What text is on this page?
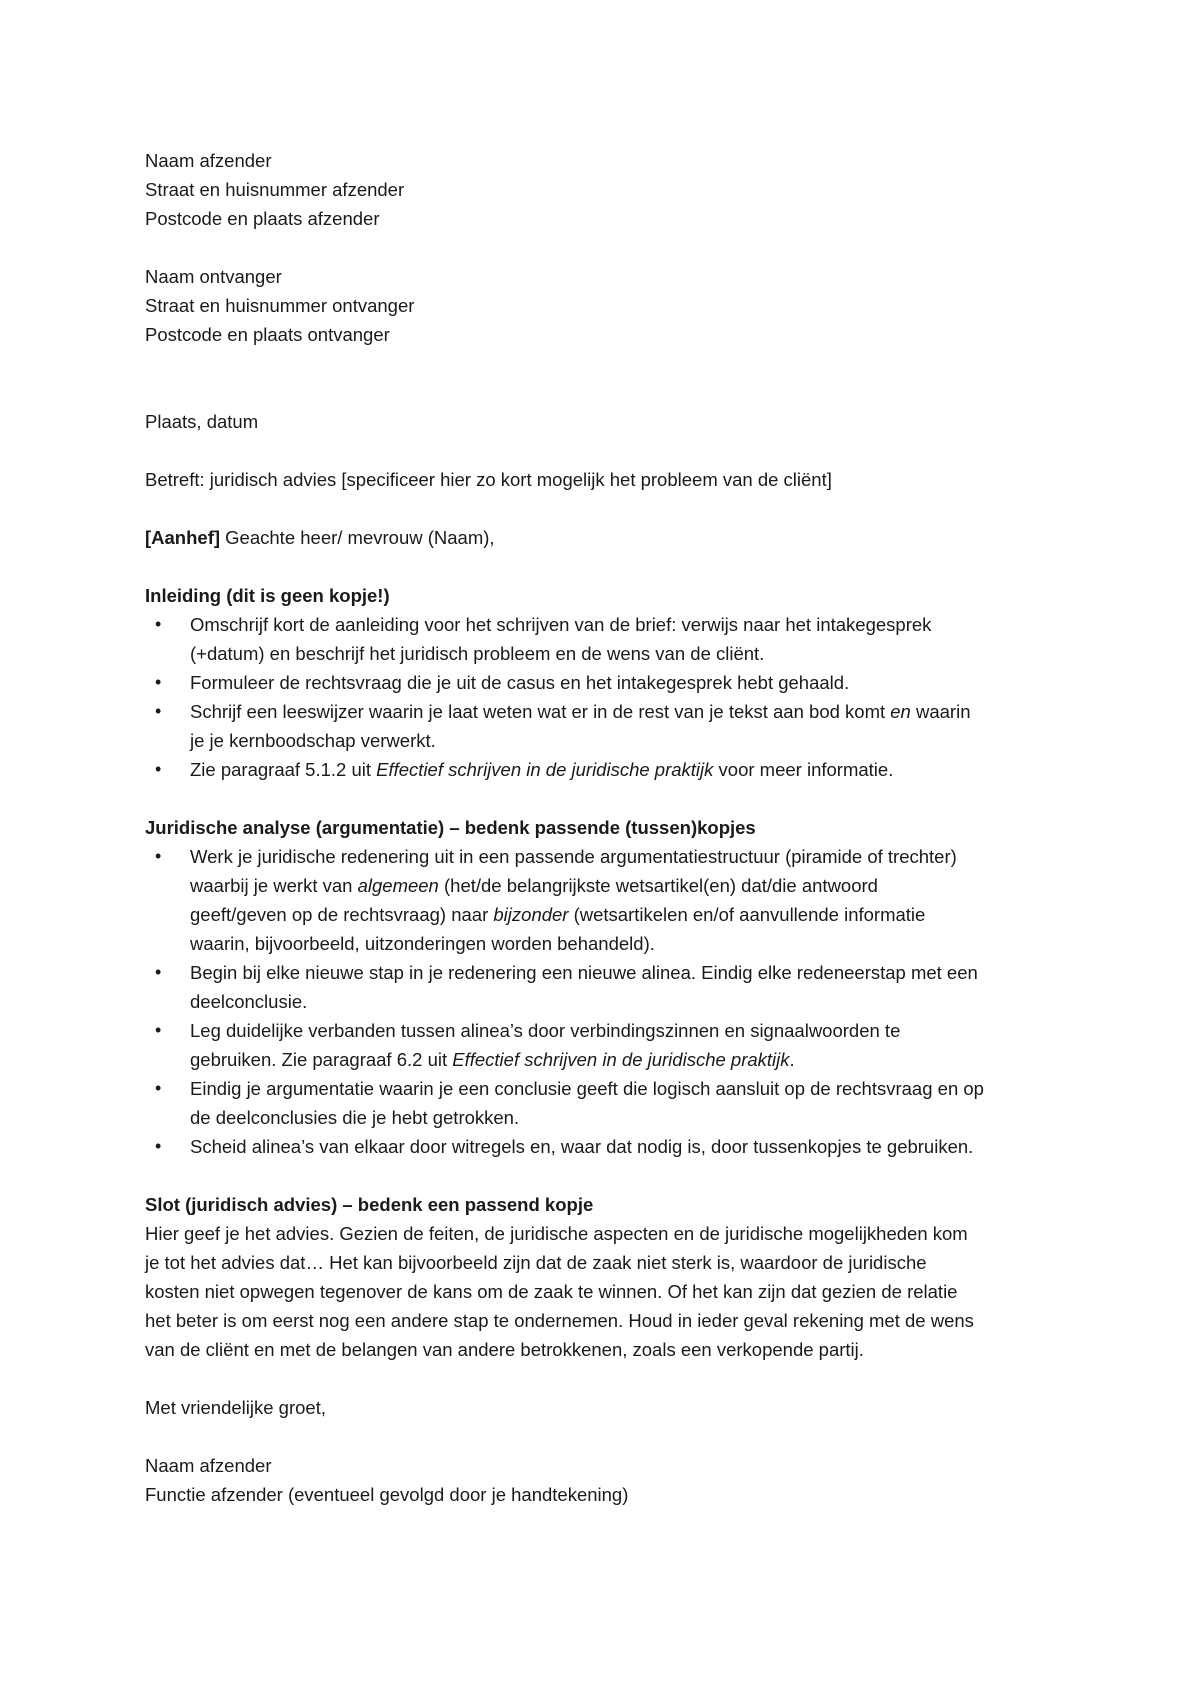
Naam afzender

Straat en huisnummer afzender

Postcode en plaats afzender

Naam ontvanger

Straat en huisnummer ontvanger

Postcode en plaats ontvanger

Plaats, datum

Betreft: juridisch advies [specificeer hier zo kort mogelijk het probleem van de cliënt]

[Aanhef] Geachte heer/ mevrouw (Naam),

Inleiding (dit is geen kopje!)

• Omschrijf kort de aanleiding voor het schrijven van de brief: verwijs naar het intakegesprek

(+datum) en beschrijf het juridisch probleem en de wens van de cliënt.

• Formuleer de rechtsvraag die je uit de casus en het intakegesprek hebt gehaald.

• Schrijf een leeswijzer waarin je laat weten wat er in de rest van je tekst aan bod komt en waarin

je je kernboodschap verwerkt.

• Zie paragraaf 5.1.2 uit Effectief schrijven in de juridische praktijk voor meer informatie.

Juridische analyse (argumentatie) – bedenk passende (tussen)kopjes

• Werk je juridische redenering uit in een passende argumentatiestructuur (piramide of trechter)

waarbij je werkt van algemeen (het/de belangrijkste wetsartikel(en) dat/die antwoord

geeft/geven op de rechtsvraag) naar bijzonder (wetsartikelen en/of aanvullende informatie

waarin, bijvoorbeeld, uitzonderingen worden behandeld).

• Begin bij elke nieuwe stap in je redenering een nieuwe alinea. Eindig elke redeneerstap met een

deelconclusie.

• Leg duidelijke verbanden tussen alinea’s door verbindingszinnen en signaalwoorden te

gebruiken. Zie paragraaf 6.2 uit Effectief schrijven in de juridische praktijk.

• Eindig je argumentatie waarin je een conclusie geeft die logisch aansluit op de rechtsvraag en op

de deelconclusies die je hebt getrokken.

• Scheid alinea’s van elkaar door witregels en, waar dat nodig is, door tussenkopjes te gebruiken.

Slot (juridisch advies) – bedenk een passend kopje

Hier geef je het advies. Gezien de feiten, de juridische aspecten en de juridische mogelijkheden kom

je tot het advies dat… Het kan bijvoorbeeld zijn dat de zaak niet sterk is, waardoor de juridische

kosten niet opwegen tegenover de kans om de zaak te winnen. Of het kan zijn dat gezien de relatie

het beter is om eerst nog een andere stap te ondernemen. Houd in ieder geval rekening met de wens

van de cliënt en met de belangen van andere betrokkenen, zoals een verkopende partij.

Met vriendelijke groet,

Naam afzender

Functie afzender (eventueel gevolgd door je handtekening)
